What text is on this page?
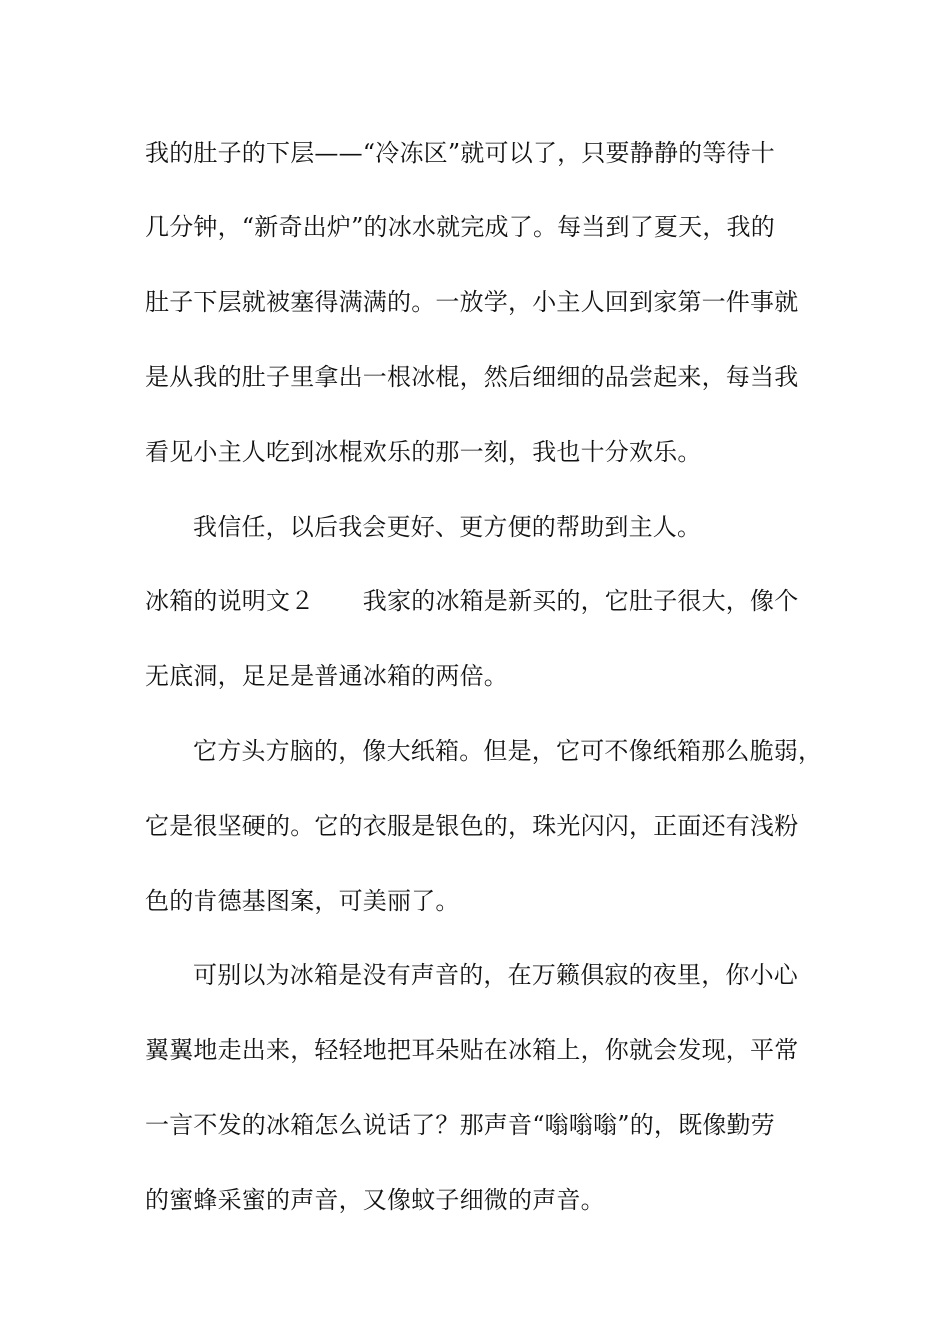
我的肚子的下层——“冷冻区”就可以了，只要静静的等待十
几分钟，“新奇出炉”的冰水就完成了。每当到了夏天，我的
肚子下层就被塞得满满的。一放学，小主人回到家第一件事就
是从我的肚子里拿出一根冰棍，然后细细的品尝起来，每当我
看见小主人吃到冰棍欢乐的那一刻，我也十分欢乐。
我信任，以后我会更好、更方便的帮助到主人。
冰箱的说明文２　　我家的冰箱是新买的，它肚子很大，像个
无底洞，足足是普通冰箱的两倍。
它方头方脑的，像大纸箱。但是，它可不像纸箱那么脆弱，
它是很坚硬的。它的衣服是银色的，珠光闪闪，正面还有浅粉
色的肯德基图案，可美丽了。
可别以为冰箱是没有声音的，在万籁俱寂的夜里，你小心
翼翼地走出来，轻轻地把耳朵贴在冰箱上，你就会发现，平常
一言不发的冰箱怎么说话了？那声音“嗡嗡嗡”的，既像勤劳
的蜜蜂采蜜的声音，又像蚊子细微的声音。
